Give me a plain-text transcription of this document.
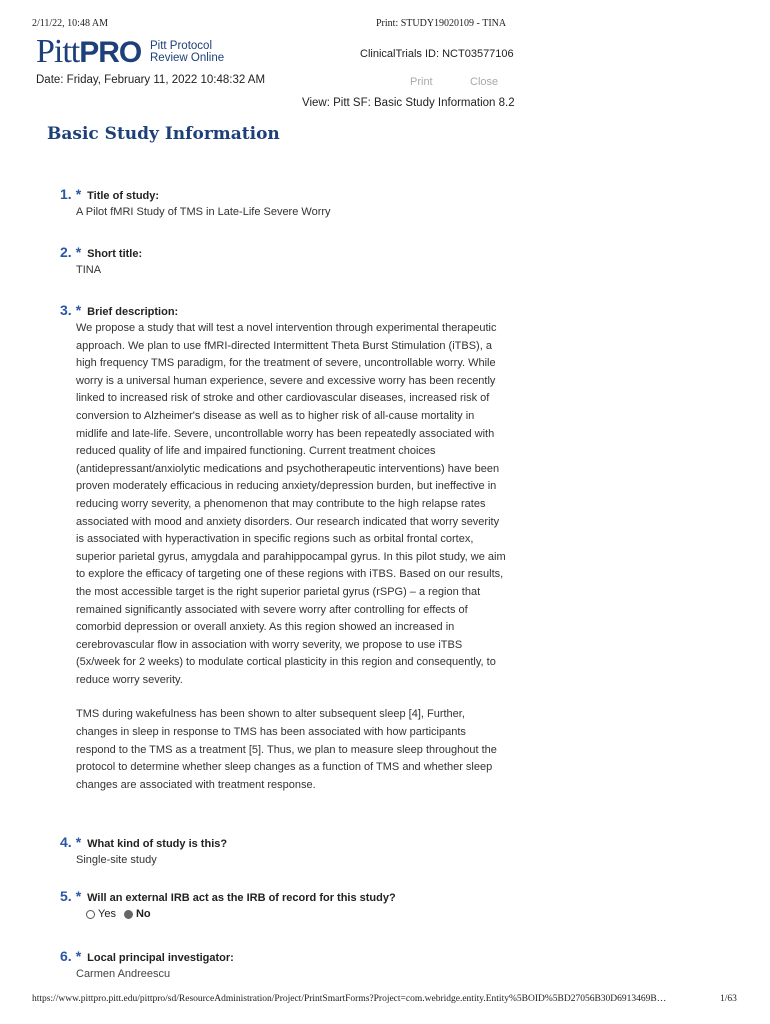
2/11/22, 10:48 AM	Print: STUDY19020109 - TINA
PittPRO Pitt Protocol
Review Online	ClinicalTrials ID: NCT03577106
Date: Friday, February 11, 2022 10:48:32 AM	Print	Close
View: Pitt SF: Basic Study Information 8.2
Basic Study Information
1. * Title of study:
A Pilot fMRI Study of TMS in Late-Life Severe Worry
2. * Short title:
TINA
3. * Brief description:

We propose a study that will test a novel intervention through experimental therapeutic approach. We plan to use fMRI-directed Intermittent Theta Burst Stimulation (iTBS), a high frequency TMS paradigm, for the treatment of severe, uncontrollable worry. While worry is a universal human experience, severe and excessive worry has been recently linked to increased risk of stroke and other cardiovascular diseases, increased risk of conversion to Alzheimer's disease as well as to higher risk of all-cause mortality in midlife and late-life. Severe, uncontrollable worry has been repeatedly associated with reduced quality of life and impaired functioning. Current treatment choices (antidepressant/anxiolytic medications and psychotherapeutic interventions) have been proven moderately efficacious in reducing anxiety/depression burden, but ineffective in reducing worry severity, a phenomenon that may contribute to the high relapse rates associated with mood and anxiety disorders. Our research indicated that worry severity is associated with hyperactivation in specific regions such as orbital frontal cortex, superior parietal gyrus, amygdala and parahippocampal gyrus. In this pilot study, we aim to explore the efficacy of targeting one of these regions with iTBS. Based on our results, the most accessible target is the right superior parietal gyrus (rSPG) – a region that remained significantly associated with severe worry after controlling for effects of comorbid depression or overall anxiety. As this region showed an increased in cerebrovascular flow in association with worry severity, we propose to use iTBS (5x/week for 2 weeks) to modulate cortical plasticity in this region and consequently, to reduce worry severity.

TMS during wakefulness has been shown to alter subsequent sleep [4], Further, changes in sleep in response to TMS has been associated with how participants respond to the TMS as a treatment [5]. Thus, we plan to measure sleep throughout the protocol to determine whether sleep changes as a function of TMS and whether sleep changes are associated with treatment response.

4. * What kind of study is this?
Single-site study
5. * Will an external IRB act as the IRB of record for this study?
Yes No
6. * Local principal investigator:
Carmen Andreescu
https://www.pittpro.pitt.edu/pittpro/sd/ResourceAdministration/Project/PrintSmartForms?Project=com.webridge.entity.Entity%5BOID%5BD27056B30D6913469B…	1/63
